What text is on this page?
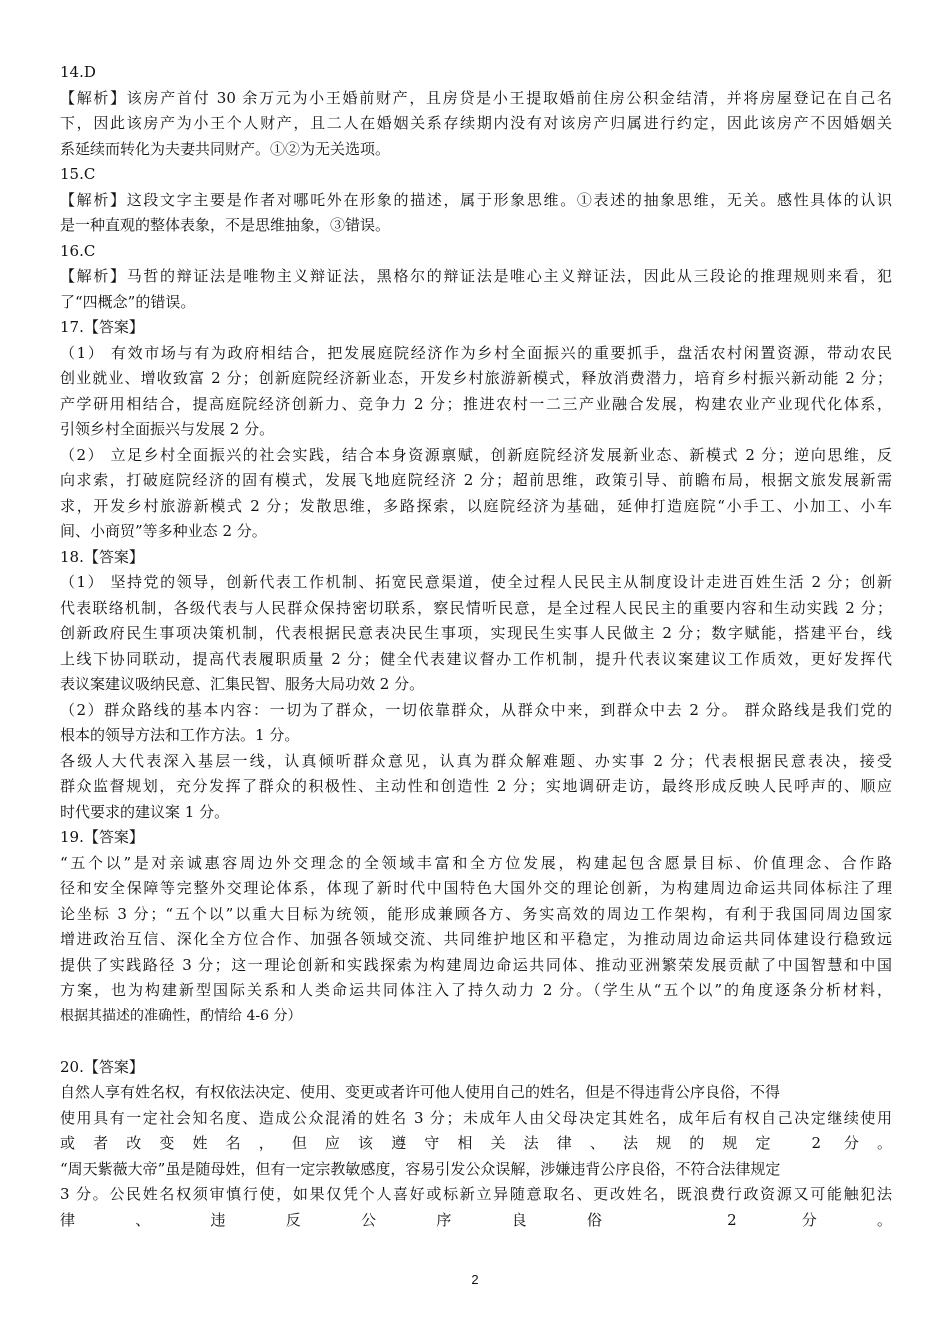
14.D
【解析】该房产首付 30 余万元为小王婚前财产，且房贷是小王提取婚前住房公积金结清，并将房屋登记在自己名
下，因此该房产为小王个人财产，且二人在婚姻关系存续期内没有对该房产归属进行约定，因此该房产不因婚姻关
系延续而转化为夫妻共同财产。①②为无关选项。
15.C
【解析】这段文字主要是作者对哪吒外在形象的描述，属于形象思维。①表述的抽象思维，无关。感性具体的认识
是一种直观的整体表象，不是思维抽象，③错误。
16.C
【解析】马哲的辩证法是唯物主义辩证法，黑格尔的辩证法是唯心主义辩证法，因此从三段论的推理规则来看，犯
了“四概念”的错误。
17.【答案】
（1） 有效市场与有为政府相结合，把发展庭院经济作为乡村全面振兴的重要抓手，盘活农村闲置资源，带动农民
创业就业、增收致富 2 分；创新庭院经济新业态，开发乡村旅游新模式，释放消费潜力，培育乡村振兴新动能 2 分；
产学研用相结合，提高庭院经济创新力、竞争力 2 分；推进农村一二三产业融合发展，构建农业产业现代化体系，
引领乡村全面振兴与发展 2 分。
（2） 立足乡村全面振兴的社会实践，结合本身资源禀赋，创新庭院经济发展新业态、新模式 2 分；逆向思维，反
向求索，打破庭院经济的固有模式，发展飞地庭院经济 2 分；超前思维，政策引导、前瞻布局，根据文旅发展新需
求，开发乡村旅游新模式 2 分；发散思维，多路探索，以庭院经济为基础，延伸打造庭院“小手工、小加工、小车
间、小商贸”等多种业态 2 分。
18.【答案】
（1） 坚持党的领导，创新代表工作机制、拓宽民意渠道，使全过程人民民主从制度设计走进百姓生活 2 分；创新
代表联络机制，各级代表与人民群众保持密切联系，察民情听民意，是全过程人民民主的重要内容和生动实践 2 分；
创新政府民生事项决策机制，代表根据民意表决民生事项，实现民生实事人民做主 2 分；数字赋能，搭建平台，线
上线下协同联动，提高代表履职质量 2 分；健全代表建议督办工作机制，提升代表议案建议工作质效，更好发挥代
表议案建议吸纳民意、汇集民智、服务大局功效 2 分。
（2）群众路线的基本内容：一切为了群众，一切依靠群众，从群众中来，到群众中去 2 分。 群众路线是我们党的
根本的领导方法和工作方法。1 分。
各级人大代表深入基层一线，认真倾听群众意见，认真为群众解难题、办实事 2 分；代表根据民意表决，接受
群众监督规划，充分发挥了群众的积极性、主动性和创造性 2 分；实地调研走访，最终形成反映人民呼声的、顺应
时代要求的建议案 1 分。
19.【答案】
“五个以”是对亲诚惠容周边外交理念的全领域丰富和全方位发展，构建起包含愿景目标、价值理念、合作路
径和安全保障等完整外交理论体系，体现了新时代中国特色大国外交的理论创新，为构建周边命运共同体标注了理
论坐标 3 分；“五个以”以重大目标为统领，能形成兼顾各方、务实高效的周边工作架构，有利于我国同周边国家
增进政治互信、深化全方位合作、加强各领域交流、共同维护地区和平稳定，为推动周边命运共同体建设行稳致远
提供了实践路径 3 分；这一理论创新和实践探索为构建周边命运共同体、推动亚洲繁荣发展贡献了中国智慧和中国
方案，也为构建新型国际关系和人类命运共同体注入了持久动力 2 分。（学生从“五个以”的角度逐条分析材料，
根据其描述的准确性，酌情给 4-6 分）
20.【答案】
自然人享有姓名权，有权依法决定、使用、变更或者许可他人使用自己的姓名，但是不得违背公序良俗，不得
使用具有一定社会知名度、造成公众混淆的姓名 3 分；未成年人由父母决定其姓名，成年后有权自己决定继续使用
或者改变姓名，但应该遵守相关法律、法规的规定 2 分。
“周天紫薇大帝”虽是随母姓，但有一定宗教敏感度，容易引发公众误解，涉嫌违背公序良俗，不符合法律规定
3 分。公民姓名权须审慎行使，如果仅凭个人喜好或标新立异随意取名、更改姓名，既浪费行政资源又可能触犯法
律、违反公序良俗 2 分。
2
